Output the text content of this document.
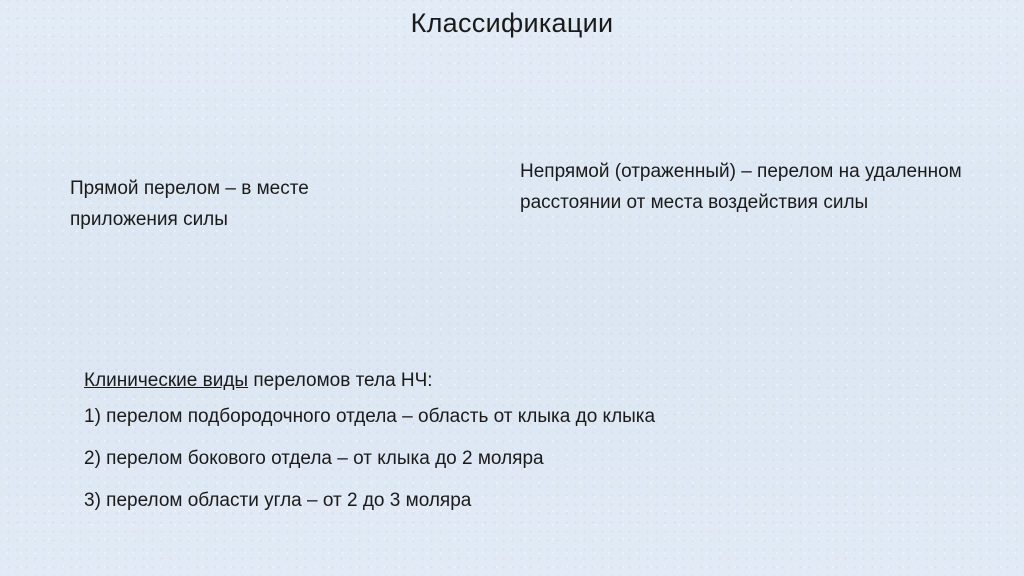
Классификации
Прямой перелом – в месте приложения силы
Непрямой (отраженный) – перелом на удаленном расстоянии от места воздействия силы
Клинические виды переломов тела НЧ:
1) перелом подбородочного отдела – область от клыка до клыка
2) перелом бокового отдела – от клыка до 2 моляра
3) перелом области угла – от 2 до 3 моляра
